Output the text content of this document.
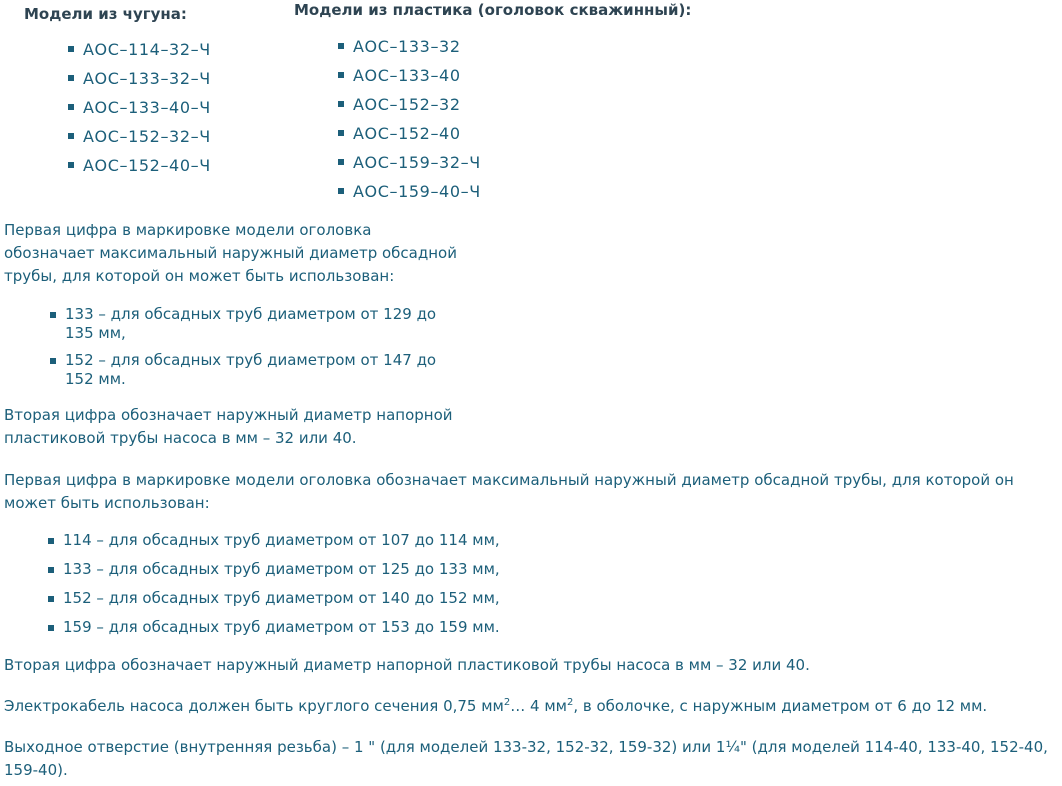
Модели из чугуна:	Модели из пластика (оголовок скважинный):
АОС–114–32–Ч
АОС–133–32–Ч
АОС–133–40–Ч
АОС–152–32–Ч
АОС–152–40–Ч
АОС–133–32
АОС–133–40
АОС–152–32
АОС–152–40
АОС–159–32–Ч
АОС–159–40–Ч

Первая цифра в маркировке модели оголовка обозначает максимальный наружный диаметр обсадной трубы, для которой он может быть использован:

133 – для обсадных труб диаметром от 129 до 135 мм,
152 – для обсадных труб диаметром от 147 до 152 мм.

Вторая цифра обозначает наружный диаметр напорной пластиковой трубы насоса в мм – 32 или 40.

Первая цифра в маркировке модели оголовка обозначает максимальный наружный диаметр обсадной трубы, для которой он может быть использован:

114 – для обсадных труб диаметром от 107 до 114 мм,
133 – для обсадных труб диаметром от 125 до 133 мм,
152 – для обсадных труб диаметром от 140 до 152 мм,
159 – для обсадных труб диаметром от 153 до 159 мм.

Вторая цифра обозначает наружный диаметр напорной пластиковой трубы насоса в мм – 32 или 40.

Электрокабель насоса должен быть круглого сечения 0,75 $мм^2\dots$ 4 $мм^2$, в оболочке, с наружным диаметром от 6 до 12 мм.

Выходное отверстие (внутренняя резьба) – 1 " (для моделей 133-32, 152-32, 159-32) или 1¼" (для моделей 114-40, 133-40, 152-40, 159-40).
